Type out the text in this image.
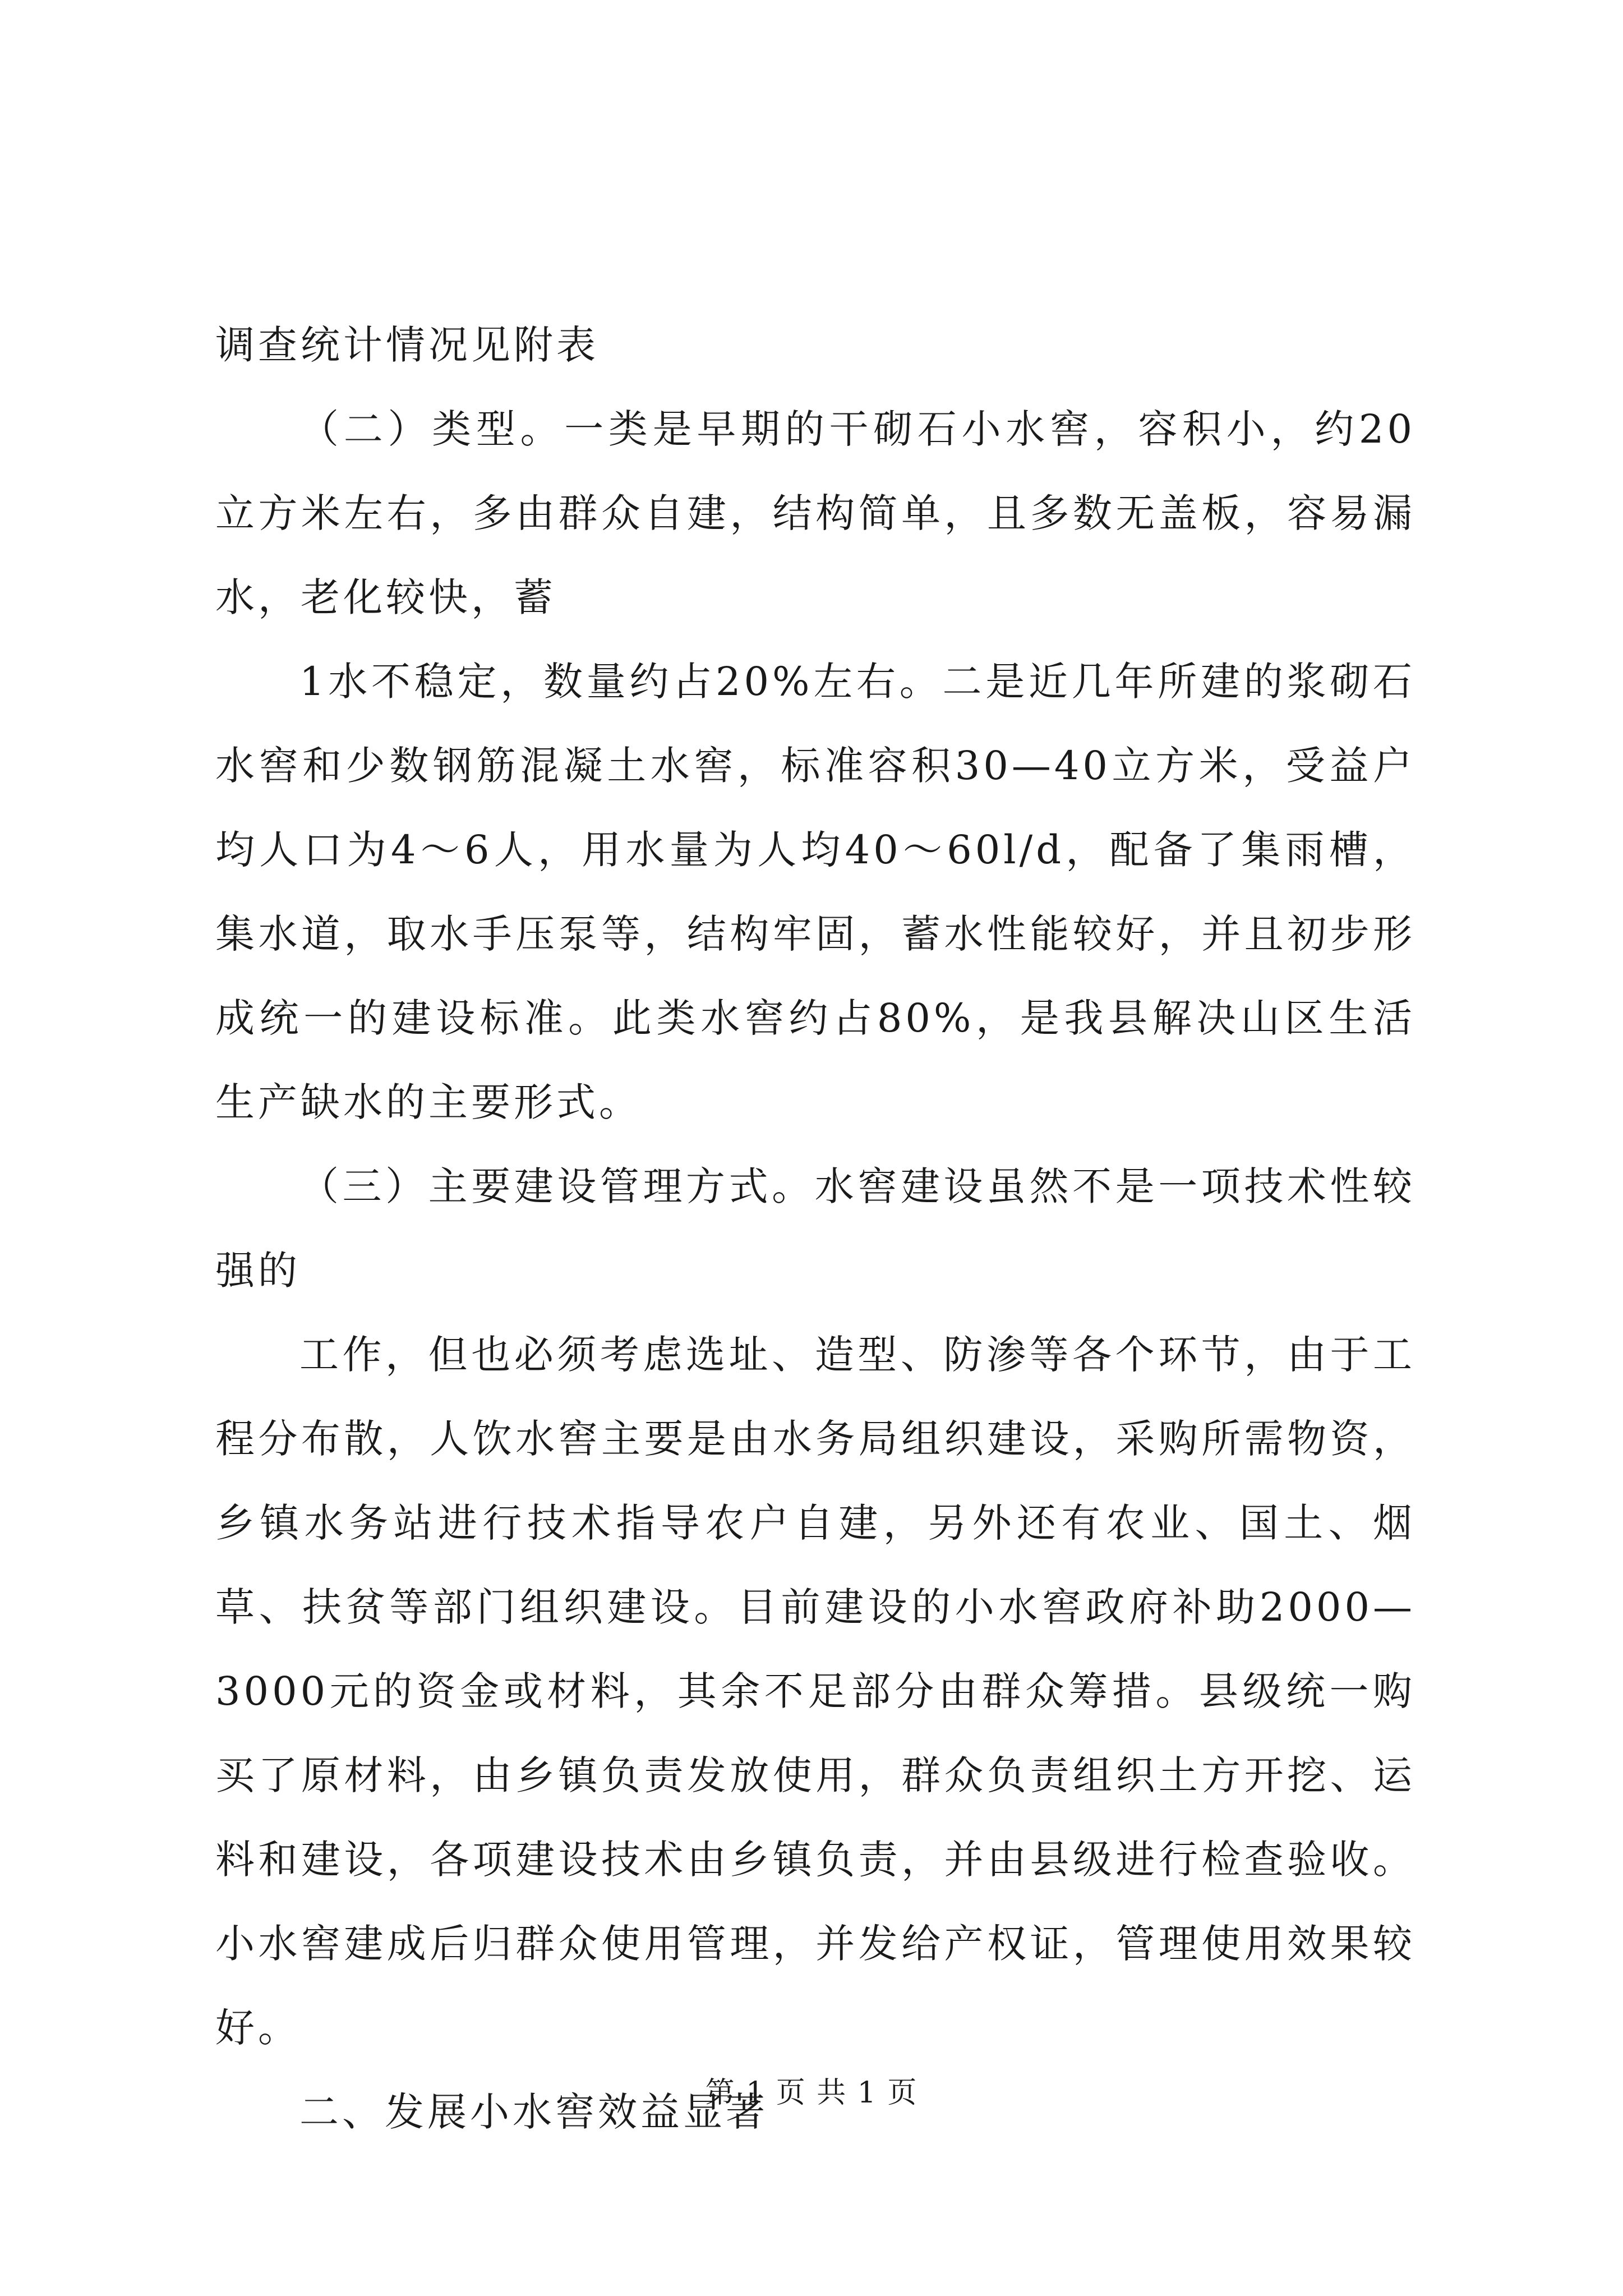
调查统计情况见附表

（二）类型。一类是早期的干砌石小水窖，容积小，约20立方米左右，多由群众自建，结构简单，且多数无盖板，容易漏水，老化较快，蓄

1水不稳定，数量约占20%左右。二是近几年所建的浆砌石水窖和少数钢筋混凝土水窖，标准容积30—40立方米，受益户均人口为4～6人，用水量为人均40～60l/d，配备了集雨槽，集水道，取水手压泵等，结构牢固，蓄水性能较好，并且初步形成统一的建设标准。此类水窖约占80%，是我县解决山区生活生产缺水的主要形式。

（三）主要建设管理方式。水窖建设虽然不是一项技术性较强的

工作，但也必须考虑选址、造型、防渗等各个环节，由于工程分布散，人饮水窖主要是由水务局组织建设，采购所需物资，乡镇水务站进行技术指导农户自建，另外还有农业、国土、烟草、扶贫等部门组织建设。目前建设的小水窖政府补助2000—3000元的资金或材料，其余不足部分由群众筹措。县级统一购买了原材料，由乡镇负责发放使用，群众负责组织土方开挖、运料和建设，各项建设技术由乡镇负责，并由县级进行检查验收。小水窖建成后归群众使用管理，并发给产权证，管理使用效果较好。

二、发展小水窖效益显著

第 1 页 共 1 页
